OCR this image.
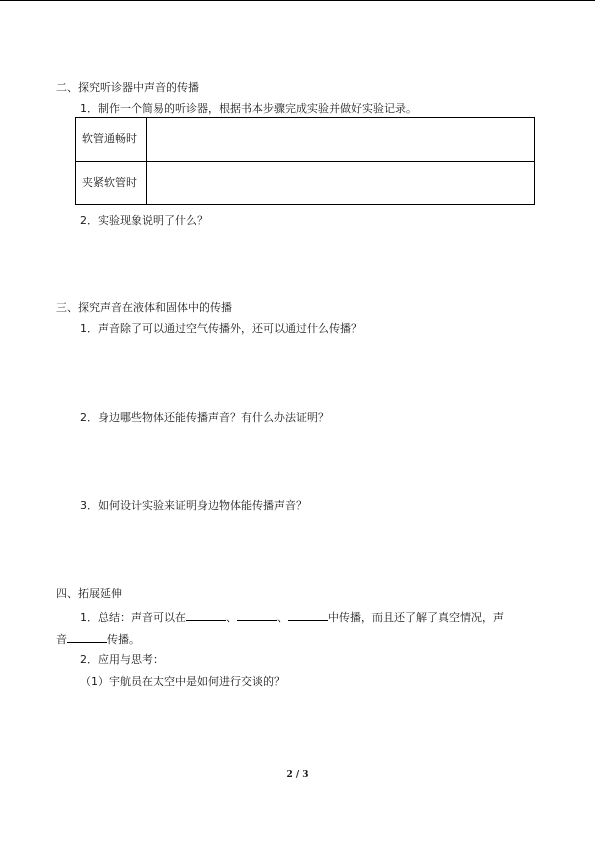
二、探究听诊器中声音的传播
1．制作一个简易的听诊器，根据书本步骤完成实验并做好实验记录。
软管通畅时	
夹紧软管时	
2．实验现象说明了什么？
三、探究声音在液体和固体中的传播
1．声音除了可以通过空气传播外，还可以通过什么传播？
2．身边哪些物体还能传播声音？有什么办法证明？
3．如何设计实验来证明身边物体能传播声音？
四、拓展延伸
1．总结：声音可以在	、	、	中传播，而且还了解了真空情况，声
音	传播。
2．应用与思考：
（1）宇航员在太空中是如何进行交谈的？
2 / 3
